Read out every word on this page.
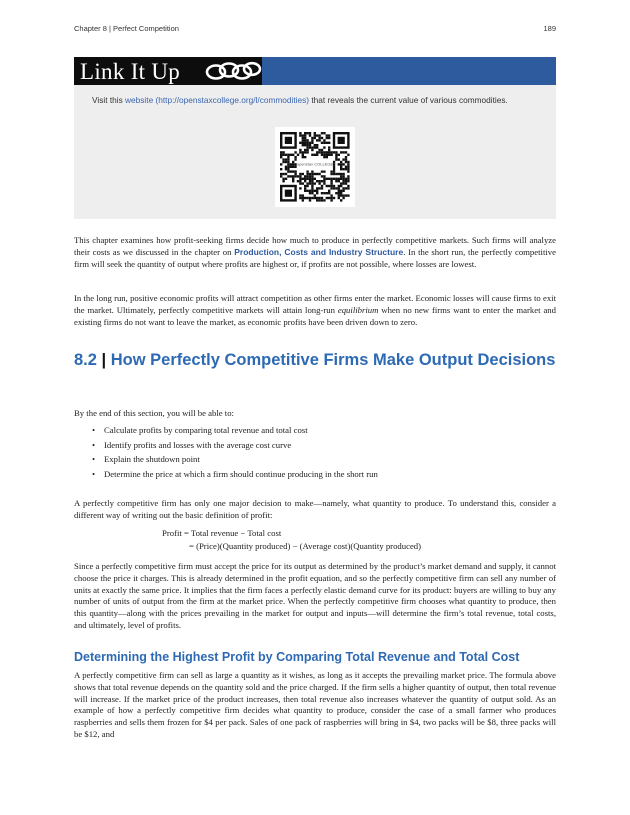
Chapter 8 | Perfect Competition	189
Link It Up
Visit this website (http://openstaxcollege.org/l/commodities) that reveals the current value of various commodities.
openstax COLLEGE
This chapter examines how profit-seeking firms decide how much to produce in perfectly competitive markets. Such firms will analyze their costs as we discussed in the chapter on Production, Costs and Industry Structure. In the short run, the perfectly competitive firm will seek the quantity of output where profits are highest or, if profits are not possible, where losses are lowest.
In the long run, positive economic profits will attract competition as other firms enter the market. Economic losses will cause firms to exit the market. Ultimately, perfectly competitive markets will attain long-run equilibrium when no new firms want to enter the market and existing firms do not want to leave the market, as economic profits have been driven down to zero.
8.2 | How Perfectly Competitive Firms Make Output Decisions
By the end of this section, you will be able to:
• Calculate profits by comparing total revenue and total cost
• Identify profits and losses with the average cost curve
• Explain the shutdown point
• Determine the price at which a firm should continue producing in the short run
A perfectly competitive firm has only one major decision to make—namely, what quantity to produce. To understand this, consider a different way of writing out the basic definition of profit:
Profit = Total revenue − Total cost
= (Price)(Quantity produced) − (Average cost)(Quantity produced)
Since a perfectly competitive firm must accept the price for its output as determined by the product’s market demand and supply, it cannot choose the price it charges. This is already determined in the profit equation, and so the perfectly competitive firm can sell any number of units at exactly the same price. It implies that the firm faces a perfectly elastic demand curve for its product: buyers are willing to buy any number of units of output from the firm at the market price. When the perfectly competitive firm chooses what quantity to produce, then this quantity—along with the prices prevailing in the market for output and inputs—will determine the firm’s total revenue, total costs, and ultimately, level of profits.
Determining the Highest Profit by Comparing Total Revenue and Total Cost
A perfectly competitive firm can sell as large a quantity as it wishes, as long as it accepts the prevailing market price. The formula above shows that total revenue depends on the quantity sold and the price charged. If the firm sells a higher quantity of output, then total revenue will increase. If the market price of the product increases, then total revenue also increases whatever the quantity of output sold. As an example of how a perfectly competitive firm decides what quantity to produce, consider the case of a small farmer who produces raspberries and sells them frozen for $4 per pack. Sales of one pack of raspberries will bring in $4, two packs will be $8, three packs will be $12, and
